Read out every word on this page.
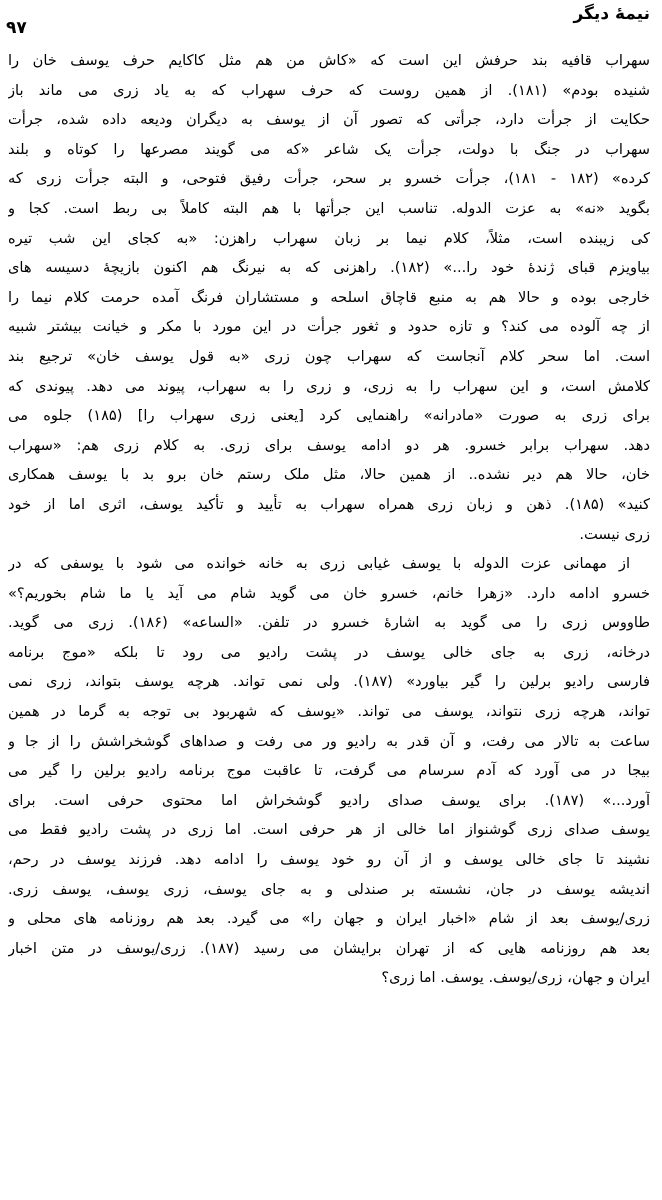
نیمهٔ دیگر
۹۷
سهراب قافیه بند حرفش این است که «کاش من هم مثل کاکایم حرف یوسف خان را
شنیده بودم» (۱۸۱). از همین روست که حرف سهراب که به یاد زری می ماند باز
حکایت از جرأت دارد، جرأتی که تصور آن از یوسف به دیگران ودیعه داده شده، جرأت
سهراب در جنگ با دولت، جرأت یک شاعر «که می گویند مصرعها را کوتاه و بلند
کرده» (۱۸۲ - ۱۸۱)، جرأت خسرو بر سحر، جرأت رفیق فتوحی، و البته جرأت زری که
بگوید «نه» به عزت الدوله. تناسب این جرأتها با هم البته کاملاً بی ربط است. کجا و
کی زیبنده است، مثلاً، کلام نیما بر زبان سهراب راهزن: «به کجای این شب تیره
بیاویزم قبای ژندهٔ خود را...» (۱۸۲). راهزنی که به نیرنگ هم اکنون بازیچهٔ دسیسه های
خارجی بوده و حالا هم به منبع قاچاق اسلحه و مستشاران فرنگ آمده حرمت کلام نیما را
از چه آلوده می کند؟ و تازه حدود و ثغور جرأت در این مورد با مکر و خیانت بیشتر شبیه
است. اما سحر کلام آنجاست که سهراب چون زری «به قول یوسف خان» ترجیع بند
کلامش است، و این سهراب را به زری، و زری را به سهراب، پیوند می دهد. پیوندی که
برای زری به صورت «مادرانه» راهنمایی کرد [یعنی زری سهراب را] (۱۸۵) جلوه می
دهد. سهراب برابر خسرو. هر دو ادامه یوسف برای زری. به کلام زری هم: «سهراب
خان، حالا هم دیر نشده.. از همین حالا، مثل ملک رستم خان برو بد با یوسف همکاری
کنید» (۱۸۵). ذهن و زبان زری همراه سهراب به تأیید و تأکید یوسف، اثری اما از خود
زری نیست.
از مهمانی عزت الدوله با یوسف غیابی زری به خانه خوانده می شود با یوسفی که در
خسرو ادامه دارد. «زهرا خانم، خسرو خان می گوید شام می آید یا ما شام بخوریم؟»
طاووس زری را می گوید به اشارهٔ خسرو در تلفن. «الساعه» (۱۸۶). زری می گوید.
درخانه، زری به جای خالی یوسف در پشت رادیو می رود تا بلکه «موج برنامه
فارسی رادیو برلین را گیر بیاورد» (۱۸۷). ولی نمی تواند. هرچه یوسف بتواند، زری نمی
تواند، هرچه زری نتواند، یوسف می تواند. «یوسف که شهربود بی توجه به گرما در همین
ساعت به تالار می رفت، و آن قدر به رادیو ور می رفت و صداهای گوشخراشش را از جا و
بیجا در می آورد که آدم سرسام می گرفت، تا عاقبت موج برنامه رادیو برلین را گیر می
آورد...» (۱۸۷). برای یوسف صدای رادیو گوشخراش اما محتوی حرفی است. برای
یوسف صدای زری گوشنواز اما خالی از هر حرفی است. اما زری در پشت رادیو فقط می
نشیند تا جای خالی یوسف و از آن رو خود یوسف را ادامه دهد. فرزند یوسف در رحم،
اندیشه یوسف در جان، نشسته بر صندلی و به جای یوسف، زری یوسف، یوسف زری.
زری/یوسف بعد از شام «اخبار ایران و جهان را» می گیرد. بعد هم روزنامه های محلی و
بعد هم روزنامه هایی که از تهران برایشان می رسید (۱۸۷). زری/یوسف در متن اخبار
ایران و جهان، زری/یوسف. یوسف. اما زری؟
